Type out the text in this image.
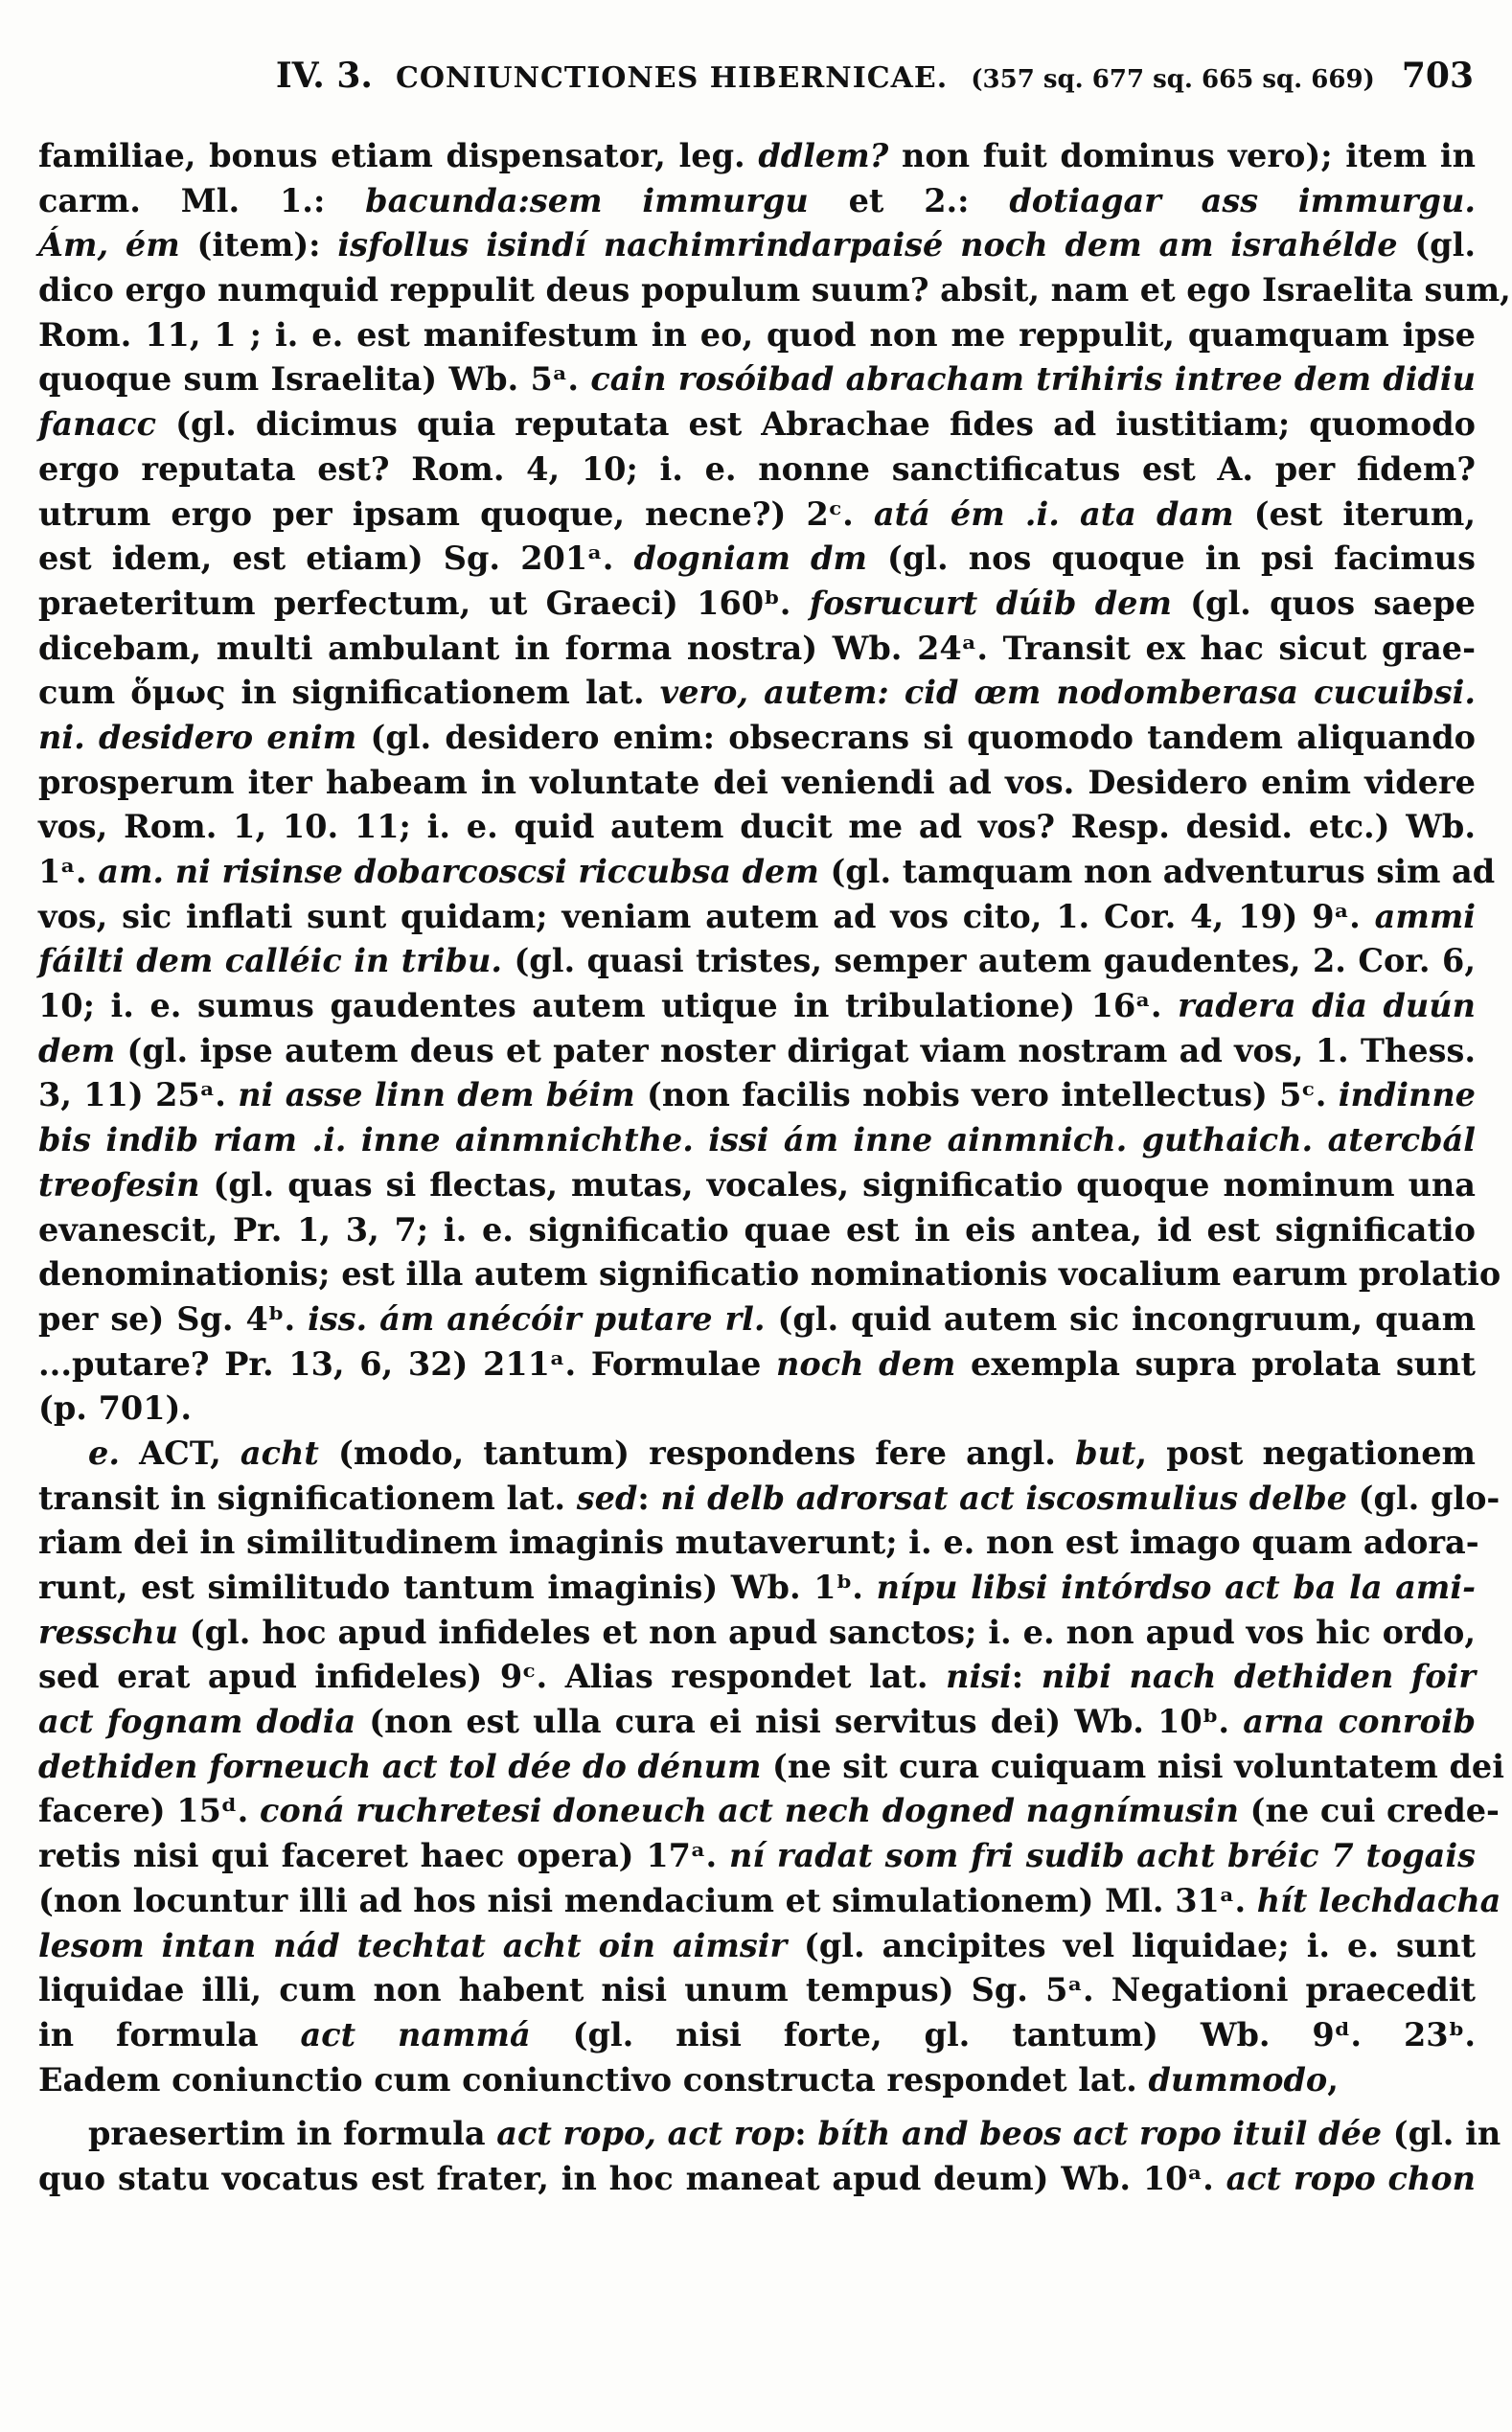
IV. 3. CONIUNCTIONES HIBERNICAE. (357 sq. 677 sq. 665 sq. 669) 703
familiae, bonus etiam dispensator, leg. ddlem? non fuit dominus vero); item in
carm. Ml. 1.: bacunda:sem immurgu et 2.: dotiagar ass immurgu.
Ám, ém (item): isfollus isindí nachimrindarpaisé noch dem am israhélde (gl.
dico ergo numquid reppulit deus populum suum? absit, nam et ego Israelita sum,
Rom. 11, 1 ; i. e. est manifestum in eo, quod non me reppulit, quamquam ipse
quoque sum Israelita) Wb. 5ᵃ. cain rosóibad abracham trihiris intree dem didiu
fanacc (gl. dicimus quia reputata est Abrachae fides ad iustitiam; quomodo
ergo reputata est? Rom. 4, 10; i. e. nonne sanctificatus est A. per fidem?
utrum ergo per ipsam quoque, necne?) 2ᶜ. atá ém .i. ata dam (est iterum,
est idem, est etiam) Sg. 201ᵃ. dogniam dm (gl. nos quoque in psi facimus
praeteritum perfectum, ut Graeci) 160ᵇ. fosrucurt dúib dem (gl. quos saepe
dicebam, multi ambulant in forma nostra) Wb. 24ᵃ. Transit ex hac sicut grae-
cum ὅμως in significationem lat. vero, autem: cid œm nodomberasa cucuibsi.
ni. desidero enim (gl. desidero enim: obsecrans si quomodo tandem aliquando
prosperum iter habeam in voluntate dei veniendi ad vos. Desidero enim videre
vos, Rom. 1, 10. 11; i. e. quid autem ducit me ad vos? Resp. desid. etc.) Wb.
1ᵃ. am. ni risinse dobarcoscsi riccubsa dem (gl. tamquam non adventurus sim ad
vos, sic inflati sunt quidam; veniam autem ad vos cito, 1. Cor. 4, 19) 9ᵃ. ammi
fáilti dem calléic in tribu. (gl. quasi tristes, semper autem gaudentes, 2. Cor. 6,
10; i. e. sumus gaudentes autem utique in tribulatione) 16ᵃ. radera dia duún
dem (gl. ipse autem deus et pater noster dirigat viam nostram ad vos, 1. Thess.
3, 11) 25ᵃ. ni asse linn dem béim (non facilis nobis vero intellectus) 5ᶜ. indinne
bis indib riam .i. inne ainmnichthe. issi ám inne ainmnich. guthaich. atercbál
treofesin (gl. quas si flectas, mutas, vocales, significatio quoque nominum una
evanescit, Pr. 1, 3, 7; i. e. significatio quae est in eis antea, id est significatio
denominationis; est illa autem significatio nominationis vocalium earum prolatio
per se) Sg. 4ᵇ. iss. ám anécóir putare rl. (gl. quid autem sic incongruum, quam
...putare? Pr. 13, 6, 32) 211ᵃ. Formulae noch dem exempla supra prolata sunt
(p. 701).
e. ACT, acht (modo, tantum) respondens fere angl. but, post negationem
transit in significationem lat. sed: ni delb adrorsat act iscosmulius delbe (gl. glo-
riam dei in similitudinem imaginis mutaverunt; i. e. non est imago quam adora-
runt, est similitudo tantum imaginis) Wb. 1ᵇ. nípu libsi intórdso act ba la ami-
resschu (gl. hoc apud infideles et non apud sanctos; i. e. non apud vos hic ordo,
sed erat apud infideles) 9ᶜ. Alias respondet lat. nisi: nibi nach dethiden foir
act fognam dodia (non est ulla cura ei nisi servitus dei) Wb. 10ᵇ. arna conroib
dethiden forneuch act tol dée do dénum (ne sit cura cuiquam nisi voluntatem dei
facere) 15ᵈ. coná ruchretesi doneuch act nech dogned nagnímusin (ne cui crede-
retis nisi qui faceret haec opera) 17ᵃ. ní radat som fri sudib acht bréic 7 togais
(non locuntur illi ad hos nisi mendacium et simulationem) Ml. 31ᵃ. hít lechdacha
lesom intan nád techtat acht oin aimsir (gl. ancipites vel liquidae; i. e. sunt
liquidae illi, cum non habent nisi unum tempus) Sg. 5ᵃ. Negationi praecedit
in formula act nammá (gl. nisi forte, gl. tantum) Wb. 9ᵈ. 23ᵇ.
Eadem coniunctio cum coniunctivo constructa respondet lat. dummodo,
praesertim in formula act ropo, act rop: bíth and beos act ropo ituil dée (gl. in
quo statu vocatus est frater, in hoc maneat apud deum) Wb. 10ᵃ. act ropo chon
